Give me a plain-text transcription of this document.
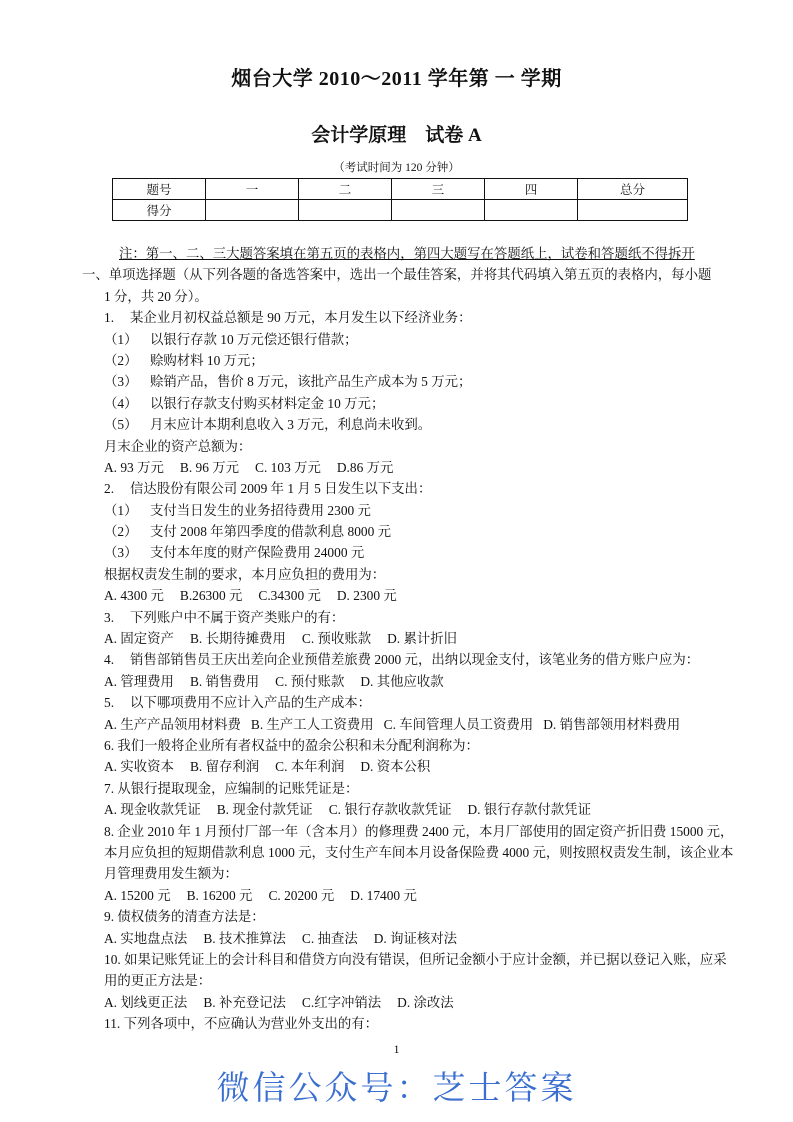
烟台大学 2010～2011 学年第 一 学期
会计学原理　试卷 A
（考试时间为 120 分钟）
题号	一	二	三	四	总分
得分					
注：第一、二、三大题答案填在第五页的表格内，第四大题写在答题纸上，试卷和答题纸不得拆开
一、单项选择题（从下列各题的备选答案中，选出一个最佳答案，并将其代码填入第五页的表格内，每小题
1 分，共 20 分）。
1. 某企业月初权益总额是 90 万元，本月发生以下经济业务：
（1） 以银行存款 10 万元偿还银行借款；
（2） 赊购材料 10 万元；
（3） 赊销产品，售价 8 万元，该批产品生产成本为 5 万元；
（4） 以银行存款支付购买材料定金 10 万元；
（5） 月末应计本期利息收入 3 万元，利息尚未收到。
月末企业的资产总额为：
A. 93 万元 B. 96 万元 C. 103 万元 D.86 万元
2. 信达股份有限公司 2009 年 1 月 5 日发生以下支出：
（1） 支付当日发生的业务招待费用 2300 元
（2） 支付 2008 年第四季度的借款利息 8000 元
（3） 支付本年度的财产保险费用 24000 元
根据权责发生制的要求，本月应负担的费用为：
A. 4300 元 B.26300 元 C.34300 元 D. 2300 元
3. 下列账户中不属于资产类账户的有：
A. 固定资产 B. 长期待摊费用 C. 预收账款 D. 累计折旧
4. 销售部销售员王庆出差向企业预借差旅费 2000 元，出纳以现金支付，该笔业务的借方账户应为：
A. 管理费用 B. 销售费用 C. 预付账款 D. 其他应收款
5. 以下哪项费用不应计入产品的生产成本：
A. 生产产品领用材料费 B. 生产工人工资费用 C. 车间管理人员工资费用 D. 销售部领用材料费用
6. 我们一般将企业所有者权益中的盈余公积和未分配利润称为：
A. 实收资本 B. 留存利润 C. 本年利润 D. 资本公积
7. 从银行提取现金，应编制的记账凭证是：
A. 现金收款凭证 B. 现金付款凭证 C. 银行存款收款凭证 D. 银行存款付款凭证
8. 企业 2010 年 1 月预付厂部一年（含本月）的修理费 2400 元，本月厂部使用的固定资产折旧费 15000 元，
本月应负担的短期借款利息 1000 元，支付生产车间本月设备保险费 4000 元，则按照权责发生制，该企业本
月管理费用发生额为：
A. 15200 元 B. 16200 元 C. 20200 元 D. 17400 元
9. 债权债务的清查方法是：
A. 实地盘点法 B. 技术推算法 C. 抽查法 D. 询证核对法
10. 如果记账凭证上的会计科目和借贷方向没有错误，但所记金额小于应计金额，并已据以登记入账，应采
用的更正方法是：
A. 划线更正法 B. 补充登记法 C.红字冲销法 D. 涂改法
11. 下列各项中，不应确认为营业外支出的有：
1
微信公众号：芝士答案
